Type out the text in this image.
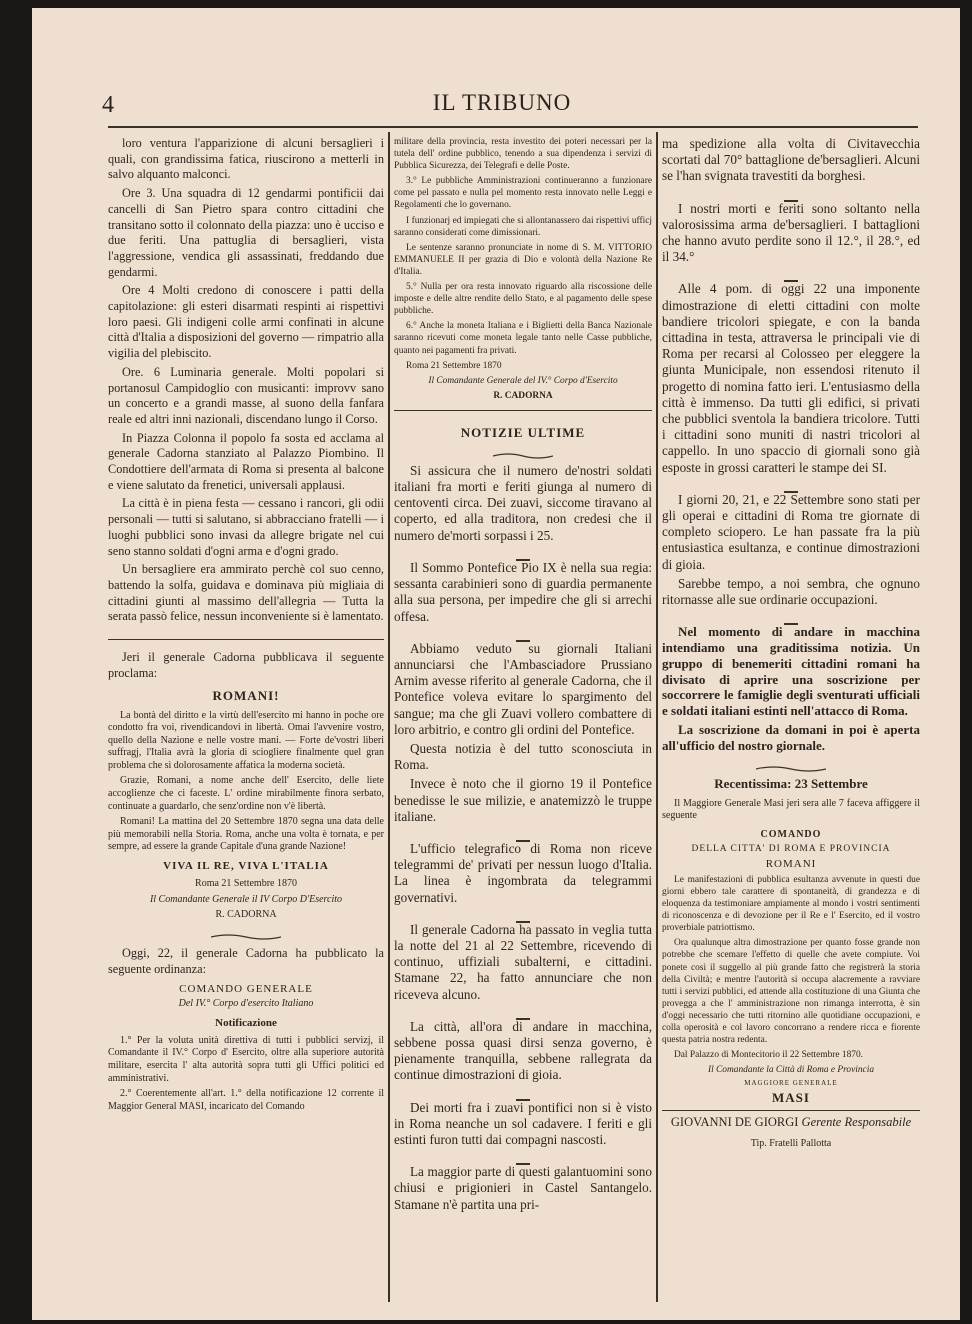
4	IL TRIBUNO

loro ventura l'apparizione di alcuni bersaglieri i quali, con grandissima fatica, riuscirono a metterli in salvo alquanto malconci.

Ore 3. Una squadra di 12 gendarmi pontificii dai cancelli di San Pietro spara contro cittadini che transitano sotto il colonnato della piazza: uno è ucciso e due feriti. Una pattuglia di bersaglieri, vista l'aggressione, vendica gli assassinati, freddando due gendarmi.

Ore 4 Molti credono di conoscere i patti della capitolazione: gli esteri disarmati respinti ai rispettivi loro paesi. Gli indigeni colle armi confinati in alcune città d'Italia a disposizioni del governo — rimpatrio alla vigilia del plebiscito.

Ore. 6 Luminaria generale. Molti popolari si portanosul Campidoglio con musicanti: improvv sano un concerto e a grandi masse, al suono della fanfara reale ed altri inni nazionali, discendano lungo il Corso.

In Piazza Colonna il popolo fa sosta ed acclama al generale Cadorna stanziato al Palazzo Piombino. Il Condottiere dell'armata di Roma si presenta al balcone e viene salutato da frenetici, universali applausi.

La città è in piena festa — cessano i rancori, gli odii personali — tutti si salutano, si abbracciano fratelli — i luoghi pubblici sono invasi da allegre brigate nel cui seno stanno soldati d'ogni arma e d'ogni grado.

Un bersagliere era ammirato perchè col suo cenno, battendo la solfa, guidava e dominava più migliaia di cittadini giunti al massimo dell'allegria — Tutta la serata passò felice, nessun inconveniente si è lamentato.

Jeri il generale Cadorna pubblicava il seguente proclama:

ROMANI!

La bontà del diritto e la virtù dell'esercito mi hanno in poche ore condotto fra voi, rivendicandovi in libertà. Omai l'avvenire vostro, quello della Nazione e nelle vostre mani. — Forte de'vostri liberi suffragj, l'Italia avrà la gloria di sciogliere finalmente quel gran problema che sì dolorosamente affatica la moderna società.

Grazie, Romani, a nome anche dell' Esercito, delle liete accoglienze che ci faceste. L' ordine mirabilmente finora serbato, continuate a guardarlo, che senz'ordine non v'è libertà.

Romani! La mattina del 20 Settembre 1870 segna una data delle più memorabili nella Storia. Roma, anche una volta è tornata, e per sempre, ad essere la grande Capitale d'una grande Nazione!

VIVA IL RE, VIVA L'ITALIA

Roma 21 Settembre 1870

Il Comandante Generale il IV Corpo D'Esercito

R. CADORNA

Oggi, 22, il generale Cadorna ha pubblicato la seguente ordinanza:

COMANDO GENERALE

Del IV.° Corpo d'esercito Italiano

Notificazione

1.° Per la voluta unità direttiva di tutti i pubblici servizj, il Comandante il IV.° Corpo d' Esercito, oltre alla superiore autorità militare, esercita l' alta autorità sopra tutti gli Uffici politici ed amministrativi.

2.° Coerentemente all'art. 1.° della notificazione 12 corrente il Maggior General MASI, incaricato del Comando

militare della provincia, resta investito dei poteri necessari per la tutela dell' ordine pubblico, tenendo a sua dipendenza i servizi di Pubblica Sicurezza, dei Telegrafi e delle Poste.

3.° Le pubbliche Amministrazioni continueranno a funzionare come pel passato e nulla pel momento resta innovato nelle Leggi e Regolamenti che lo governano.

I funzionarj ed impiegati che si allontanassero dai rispettivi ufficj saranno considerati come dimissionari.

Le sentenze saranno pronunciate in nome di S. M. VITTORIO EMMANUELE II per grazia di Dio e volontà della Nazione Re d'Italia.

5.° Nulla per ora resta innovato riguardo alla riscossione delle imposte e delle altre rendite dello Stato, e al pagamento delle spese pubbliche.

6.° Anche la moneta Italiana e i Biglietti della Banca Nazionale saranno ricevuti come moneta legale tanto nelle Casse pubbliche, quanto nei pagamenti fra privati.

Roma 21 Settembre 1870

Il Comandante Generale del IV.° Corpo d'Esercito

R. CADORNA

NOTIZIE ULTIME

Si assicura che il numero de'nostri soldati italiani fra morti e feriti giunga al numero di centoventi circa. Dei zuavi, siccome tiravano al coperto, ed alla traditora, non credesi che il numero de'morti sorpassi i 25.

Il Sommo Pontefice Pio IX è nella sua regia: sessanta carabinieri sono di guardia permanente alla sua persona, per impedire che gli si arrechi offesa.

Abbiamo veduto su giornali Italiani annunciarsi che l'Ambasciadore Prussiano Arnim avesse riferito al generale Cadorna, che il Pontefice voleva evitare lo spargimento del sangue; ma che gli Zuavi vollero combattere di loro arbitrio, e contro gli ordini del Pontefice.

Questa notizia è del tutto sconosciuta in Roma.

Invece è noto che il giorno 19 il Pontefice benedisse le sue milizie, e anatemizzò le truppe italiane.

L'ufficio telegrafico di Roma non riceve telegrammi de' privati per nessun luogo d'Italia. La linea è ingombrata da telegrammi governativi.

Il generale Cadorna ha passato in veglia tutta la notte del 21 al 22 Settembre, ricevendo di continuo, uffiziali subalterni, e cittadini. Stamane 22, ha fatto annunciare che non riceveva alcuno.

La città, all'ora di andare in macchina, sebbene possa quasi dirsi senza governo, è pienamente tranquilla, sebbene rallegrata da continue dimostrazioni di gioia.

Dei morti fra i zuavi pontifici non si è visto in Roma neanche un sol cadavere. I feriti e gli estinti furon tutti dai compagni nascosti.

La maggior parte di questi galantuomini sono chiusi e prigionieri in Castel Santangelo. Stamane n'è partita una pri-

ma spedizione alla volta di Civitavecchia scortati dal 70° battaglione de'bersaglieri. Alcuni se l'han svignata travestiti da borghesi.

I nostri morti e feriti sono soltanto nella valorosissima arma de'bersaglieri. I battaglioni che hanno avuto perdite sono il 12.°, il 28.°, ed il 34.°

Alle 4 pom. di oggi 22 una imponente dimostrazione di eletti cittadini con molte bandiere tricolori spiegate, e con la banda cittadina in testa, attraversa le principali vie di Roma per recarsi al Colosseo per eleggere la giunta Municipale, non essendosi ritenuto il progetto di nomina fatto ieri. L'entusiasmo della città è immenso. Da tutti gli edifici, si privati che pubblici sventola la bandiera tricolore. Tutti i cittadini sono muniti di nastri tricolori al cappello. In uno spaccio di giornali sono già esposte in grossi caratteri le stampe dei SI.

I giorni 20, 21, e 22 Settembre sono stati per gli operai e cittadini di Roma tre giornate di completo sciopero. Le han passate fra la più entusiastica esultanza, e continue dimostrazioni di gioia.

Sarebbe tempo, a noi sembra, che ognuno ritornasse alle sue ordinarie occupazioni.

Nel momento di andare in macchina intendiamo una graditissima notizia. Un gruppo di benemeriti cittadini romani ha divisato di aprire una soscrizione per soccorrere le famiglie degli sventurati ufficiali e soldati italiani estinti nell'attacco di Roma.

La soscrizione da domani in poi è aperta all'ufficio del nostro giornale.

Recentissima: 23 Settembre

Il Maggiore Generale Masi jeri sera alle 7 faceva affiggere il seguente

COMANDO

DELLA CITTA' DI ROMA E PROVINCIA

ROMANI

Le manifestazioni di pubblica esultanza avvenute in questi due giorni ebbero tale carattere di spontaneità, di grandezza e di eloquenza da testimoniare ampiamente al mondo i vostri sentimenti di riconoscenza e di devozione per il Re e l' Esercito, ed il vostro proverbiale patriottismo.

Ora qualunque altra dimostrazione per quanto fosse grande non potrebbe che scemare l'effetto di quelle che avete compiute. Voi ponete così il suggello al più grande fatto che registrerà la storia della Civiltà; e mentre l'autorità si occupa alacremente a ravviare tutti i servizi pubblici, ed attende alla costituzione di una Giunta che provegga a che l' amministrazione non rimanga interrotta, è sin d'oggi necessario che tutti ritornino alle quotidiane occupazioni, e colla operosità e col lavoro concorrano a rendere ricca e fiorente questa patria nostra redenta.

Dal Palazzo di Montecitorio il 22 Settembre 1870.

Il Comandante la Città di Roma e Provincia

MAGGIORE GENERALE

MASI

GIOVANNI DE GIORGI Gerente Responsabile

Tip. Fratelli Pallotta
